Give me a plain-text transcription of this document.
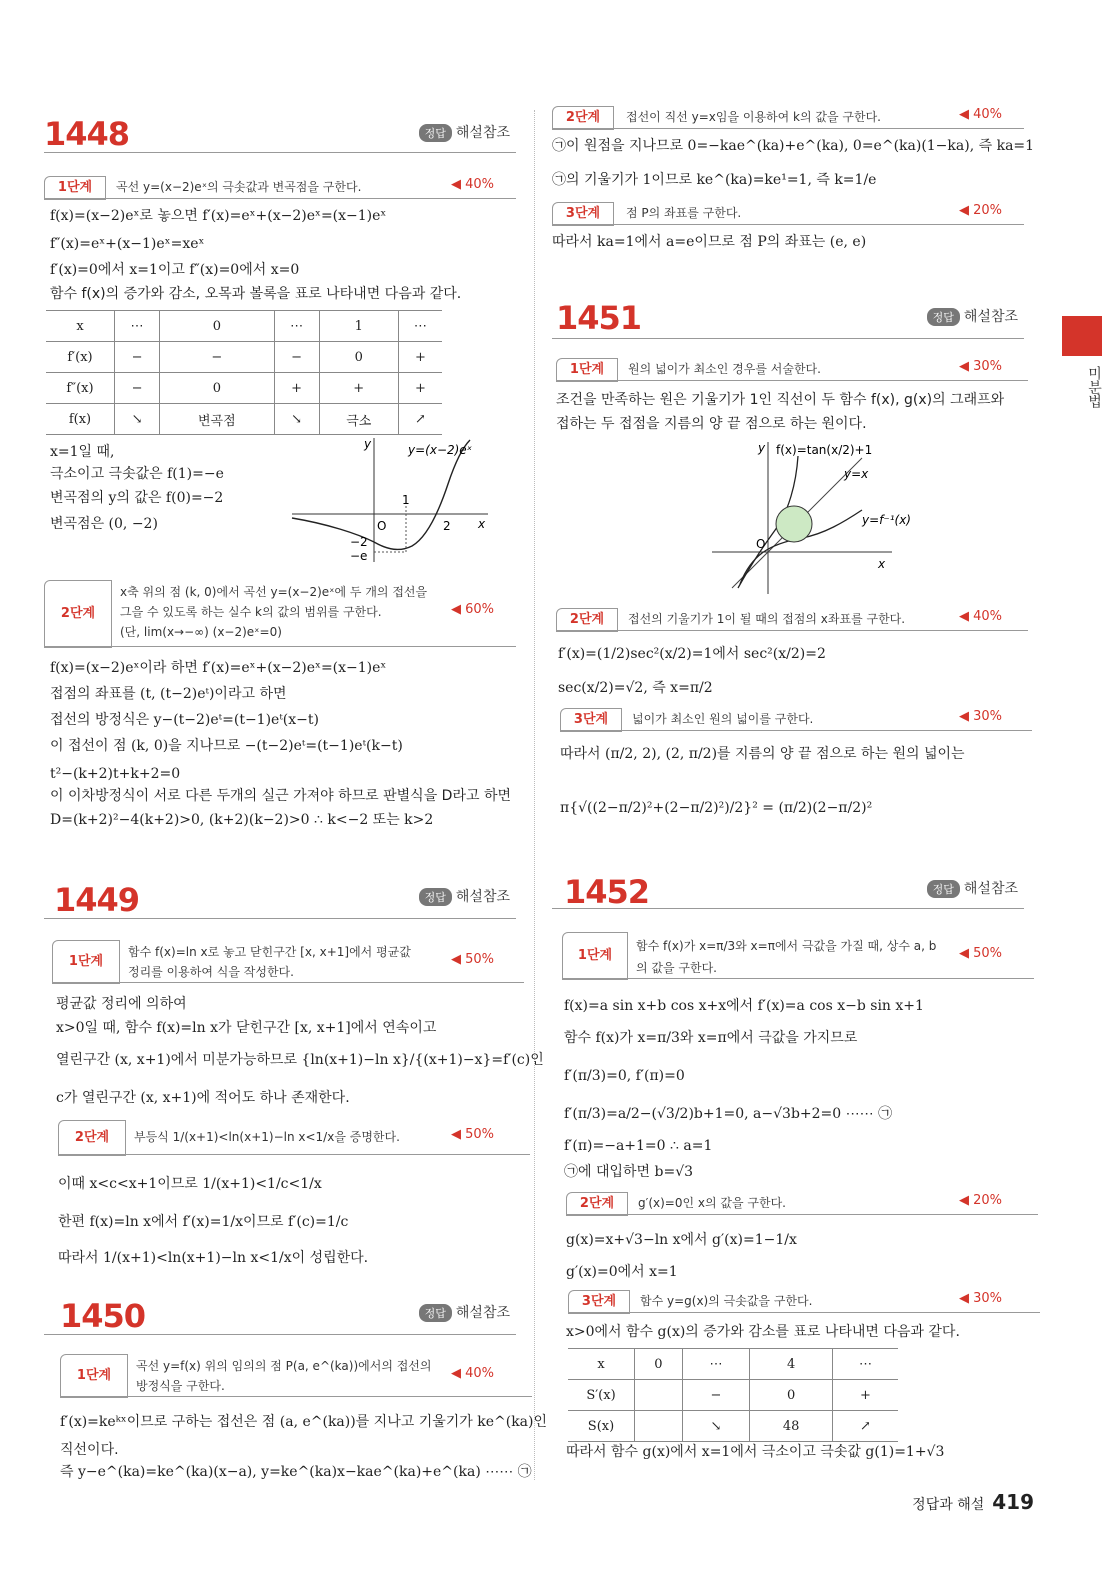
1448	정답 해설참조
1단계	곡선 y=(x−2)eˣ의 극솟값과 변곡점을 구한다.	◀ 40%
f(x)=(x−2)eˣ로 놓으면 f′(x)=eˣ+(x−2)eˣ=(x−1)eˣ
f″(x)=eˣ+(x−1)eˣ=xeˣ
f′(x)=0에서 x=1이고 f″(x)=0에서 x=0
함수 f(x)의 증가와 감소, 오목과 볼록을 표로 나타내면 다음과 같다.
x	⋯	0	⋯	1	⋯
f′(x)	−	−	−	0	+
f″(x)	−	0	+	+	+
f(x)	↘	변곡점	↘	극소	↗
x=1일 때,
극소이고 극솟값은 f(1)=−e
변곡점의 y의 값은 f(0)=−2
변곡점은 (0, −2)
y	y=(x−2)eˣ
x
O
1
2
−2
−e
2단계
x축 위의 점 (k, 0)에서 곡선 y=(x−2)eˣ에 두 개의 접선을
그을 수 있도록 하는 실수 k의 값의 범위를 구한다.
(단, lim(x→−∞) (x−2)eˣ=0)
◀ 60%
f(x)=(x−2)eˣ이라 하면 f′(x)=eˣ+(x−2)eˣ=(x−1)eˣ
접점의 좌표를 (t, (t−2)eᵗ)이라고 하면
접선의 방정식은 y−(t−2)eᵗ=(t−1)eᵗ(x−t)
이 접선이 점 (k, 0)을 지나므로 −(t−2)eᵗ=(t−1)eᵗ(k−t)
t²−(k+2)t+k+2=0
이 이차방정식이 서로 다른 두개의 실근 가져야 하므로 판별식을 D라고 하면
D=(k+2)²−4(k+2)>0, (k+2)(k−2)>0 ∴ k<−2 또는 k>2
1449	정답 해설참조
1단계
함수 f(x)=ln x로 놓고 닫힌구간 [x, x+1]에서 평균값
정리를 이용하여 식을 작성한다.
◀ 50%
평균값 정리에 의하여
x>0일 때, 함수 f(x)=ln x가 닫힌구간 [x, x+1]에서 연속이고
열린구간 (x, x+1)에서 미분가능하므로 {ln(x+1)−ln x}/{(x+1)−x}=f′(c)인
c가 열린구간 (x, x+1)에 적어도 하나 존재한다.
2단계	부등식 1/(x+1)<ln(x+1)−ln x<1/x을 증명한다.	◀ 50%
이때 x<c<x+1이므로 1/(x+1)<1/c<1/x
한편 f(x)=ln x에서 f′(x)=1/x이므로 f′(c)=1/c
따라서 1/(x+1)<ln(x+1)−ln x<1/x이 성립한다.
1450	정답 해설참조
1단계
곡선 y=f(x) 위의 임의의 점 P(a, e^(ka))에서의 접선의
방정식을 구한다.
◀ 40%
f′(x)=keᵏˣ이므로 구하는 접선은 점 (a, e^(ka))를 지나고 기울기가 ke^(ka)인
직선이다.
즉 y−e^(ka)=ke^(ka)(x−a), y=ke^(ka)x−kae^(ka)+e^(ka) ⋯⋯ ㉠
2단계	접선이 직선 y=x임을 이용하여 k의 값을 구한다.	◀ 40%
㉠이 원점을 지나므로 0=−kae^(ka)+e^(ka), 0=e^(ka)(1−ka), 즉 ka=1
㉠의 기울기가 1이므로 ke^(ka)=ke¹=1, 즉 k=1/e
3단계	점 P의 좌표를 구한다.	◀ 20%
따라서 ka=1에서 a=e이므로 점 P의 좌표는 (e, e)
1451	정답 해설참조
1단계	원의 넓이가 최소인 경우를 서술한다.	◀ 30%
조건을 만족하는 원은 기울기가 1인 직선이 두 함수 f(x), g(x)의 그래프와
접하는 두 접점을 지름의 양 끝 점으로 하는 원이다.
y f(x)=tan(x/2)+1
y=x
y=f⁻¹(x)
O
x
2단계	접선의 기울기가 1이 될 때의 접점의 x좌표를 구한다.	◀ 40%
f′(x)=(1/2)sec²(x/2)=1에서 sec²(x/2)=2
sec(x/2)=√2, 즉 x=π/2
3단계	넓이가 최소인 원의 넓이를 구한다.	◀ 30%
따라서 (π/2, 2), (2, π/2)를 지름의 양 끝 점으로 하는 원의 넓이는
π{√((2−π/2)²+(2−π/2)²)/2}² = (π/2)(2−π/2)²
1452	정답 해설참조
1단계
함수 f(x)가 x=π/3와 x=π에서 극값을 가질 때, 상수 a, b
의 값을 구한다.
◀ 50%
f(x)=a sin x+b cos x+x에서 f′(x)=a cos x−b sin x+1
함수 f(x)가 x=π/3와 x=π에서 극값을 가지므로
f′(π/3)=0, f′(π)=0
f′(π/3)=a/2−(√3/2)b+1=0, a−√3b+2=0 ⋯⋯ ㉠
f′(π)=−a+1=0 ∴ a=1
㉠에 대입하면 b=√3
2단계	g′(x)=0인 x의 값을 구한다.	◀ 20%
g(x)=x+√3−ln x에서 g′(x)=1−1/x
g′(x)=0에서 x=1
3단계	함수 y=g(x)의 극솟값을 구한다.	◀ 30%
x>0에서 함수 g(x)의 증가와 감소를 표로 나타내면 다음과 같다.
x	0	⋯	4	⋯
S′(x)		−	0	+
S(x)		↘	48	↗
따라서 함수 g(x)에서 x=1에서 극소이고 극솟값 g(1)=1+√3
미분법
정답과 해설 419
